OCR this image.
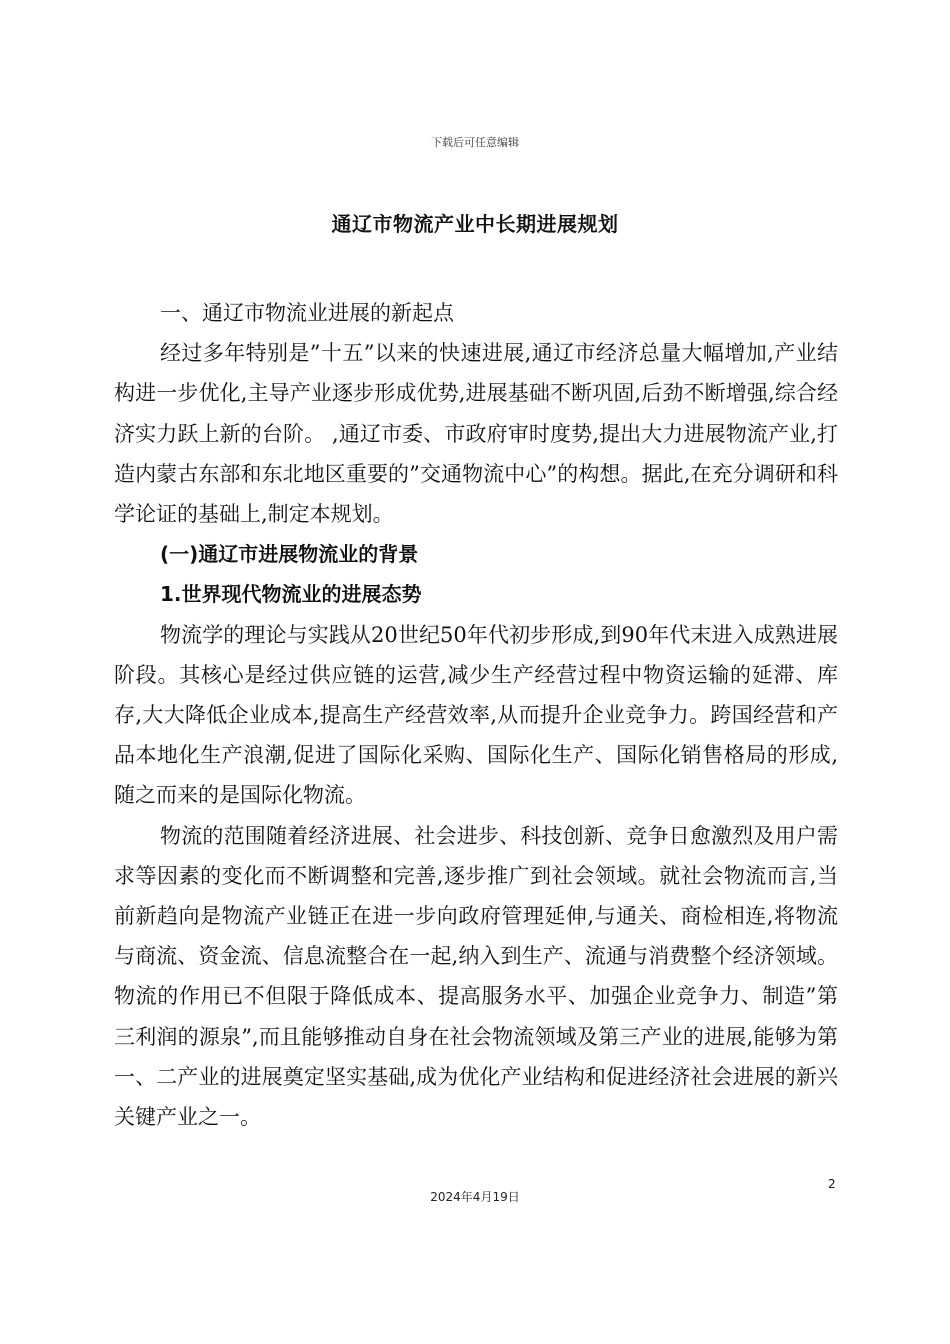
下载后可任意编辑
通辽市物流产业中长期进展规划

一、通辽市物流业进展的新起点

经过多年特别是”十五”以来的快速进展,通辽市经济总量大幅增加,产业结构进一步优化,主导产业逐步形成优势,进展基础不断巩固,后劲不断增强,综合经济实力跃上新的台阶。 ,通辽市委、市政府审时度势,提出大力进展物流产业,打造内蒙古东部和东北地区重要的”交通物流中心”的构想。据此,在充分调研和科学论证的基础上,制定本规划。

(一)通辽市进展物流业的背景

1.世界现代物流业的进展态势

物流学的理论与实践从20世纪50年代初步形成,到90年代末进入成熟进展阶段。其核心是经过供应链的运营,减少生产经营过程中物资运输的延滞、库存,大大降低企业成本,提高生产经营效率,从而提升企业竞争力。跨国经营和产品本地化生产浪潮,促进了国际化采购、国际化生产、国际化销售格局的形成,随之而来的是国际化物流。

物流的范围随着经济进展、社会进步、科技创新、竞争日愈激烈及用户需求等因素的变化而不断调整和完善,逐步推广到社会领域。就社会物流而言,当前新趋向是物流产业链正在进一步向政府管理延伸,与通关、商检相连,将物流与商流、资金流、信息流整合在一起,纳入到生产、流通与消费整个经济领域。物流的作用已不但限于降低成本、提高服务水平、加强企业竞争力、制造”第三利润的源泉”,而且能够推动自身在社会物流领域及第三产业的进展,能够为第一、二产业的进展奠定坚实基础,成为优化产业结构和促进经济社会进展的新兴关键产业之一。

2
2024年4月19日
